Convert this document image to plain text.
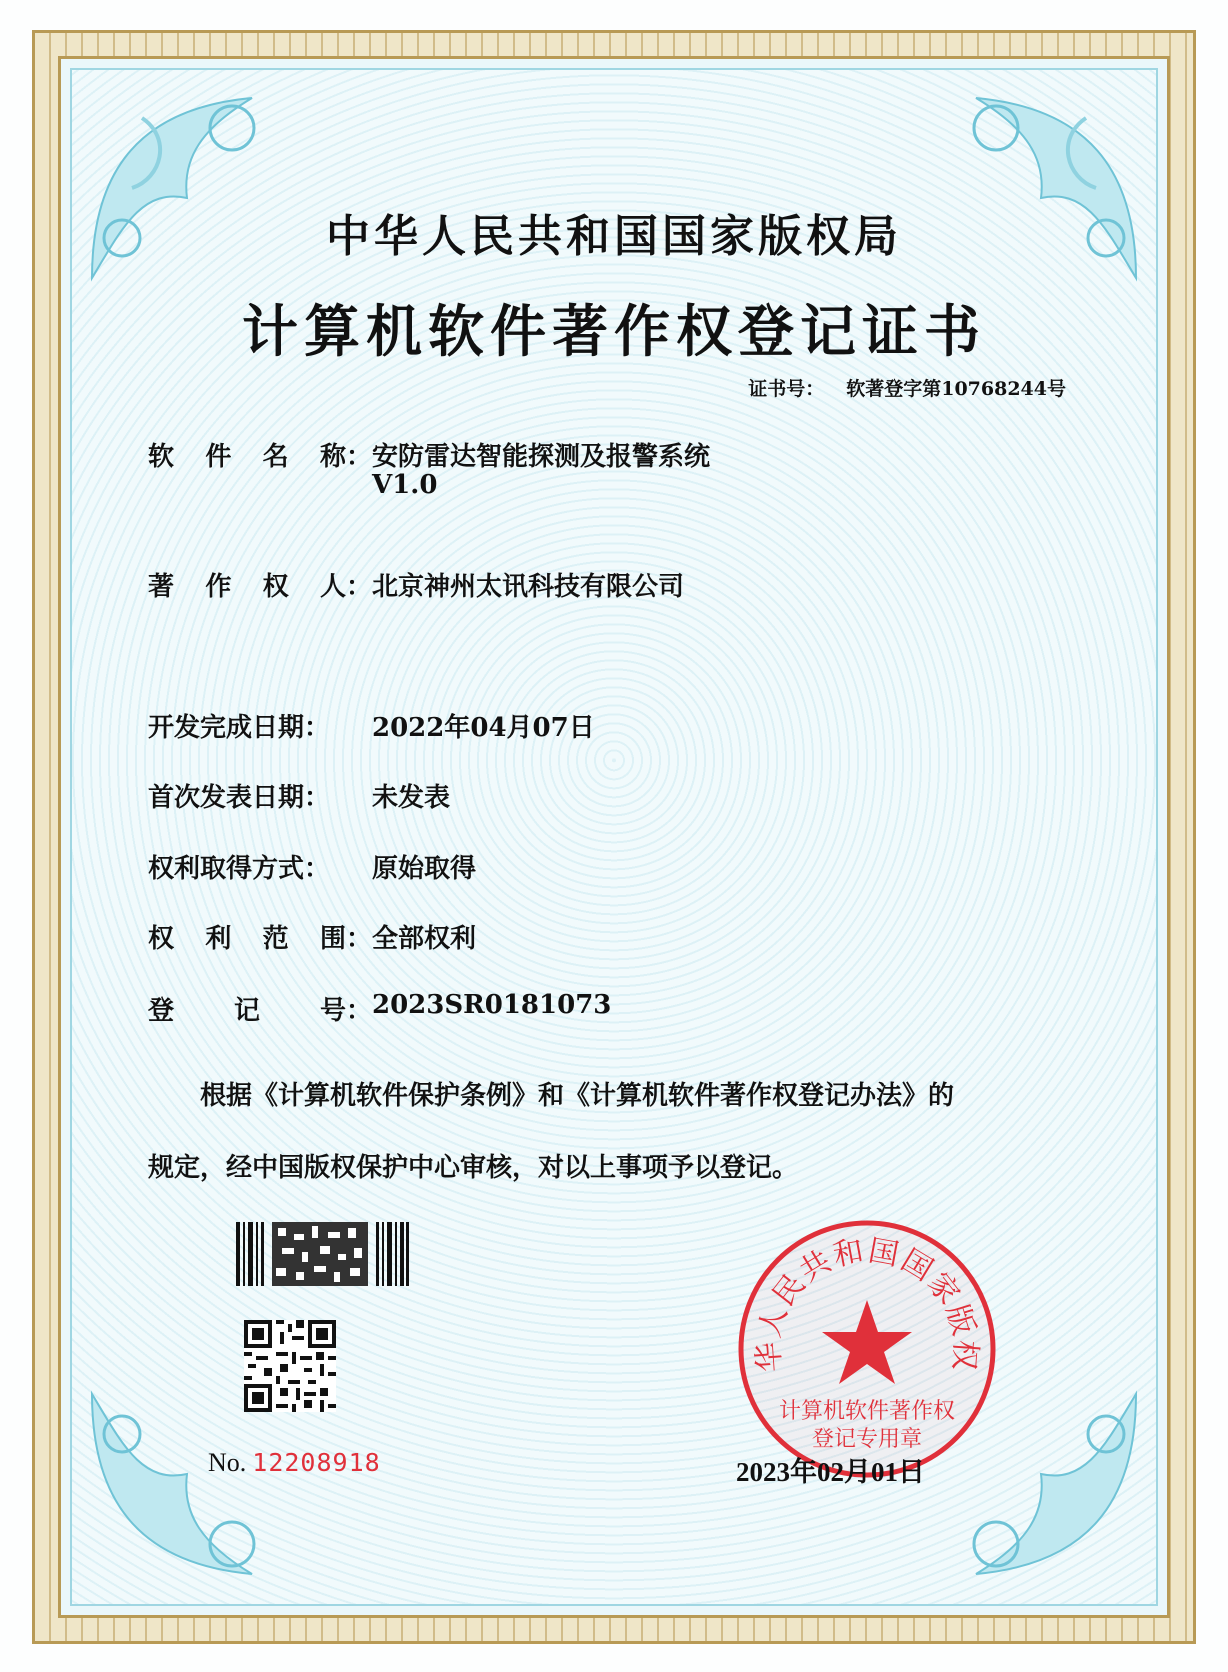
中华人民共和国国家版权局
计算机软件著作权登记证书
证书号： 软著登字第10768244号
软 件 名 称： 安防雷达智能探测及报警系统
V1.0
著 作 权 人： 北京神州太讯科技有限公司
开发完成日期： 2022年04月07日
首次发表日期： 未发表
权利取得方式： 原始取得
权 利 范 围： 全部权利
登 记 号： 2023SR0181073
根据《计算机软件保护条例》和《计算机软件著作权登记办法》的
规定，经中国版权保护中心审核，对以上事项予以登记。
No. 12208918
华人民共和国国家版权
计算机软件著作权
登记专用章
2023年02月01日
